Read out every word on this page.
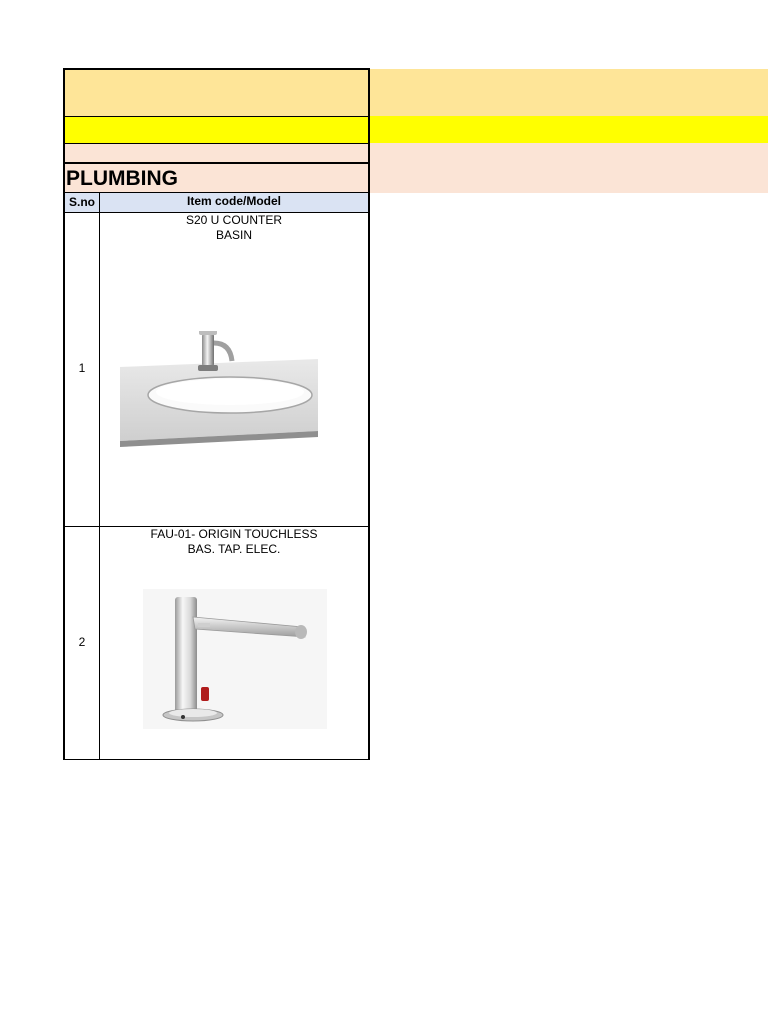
PLUMBING
S.no	Item code/Model
1
S20 U COUNTER
BASIN
2
FAU-01- ORIGIN TOUCHLESS
BAS. TAP. ELEC.
